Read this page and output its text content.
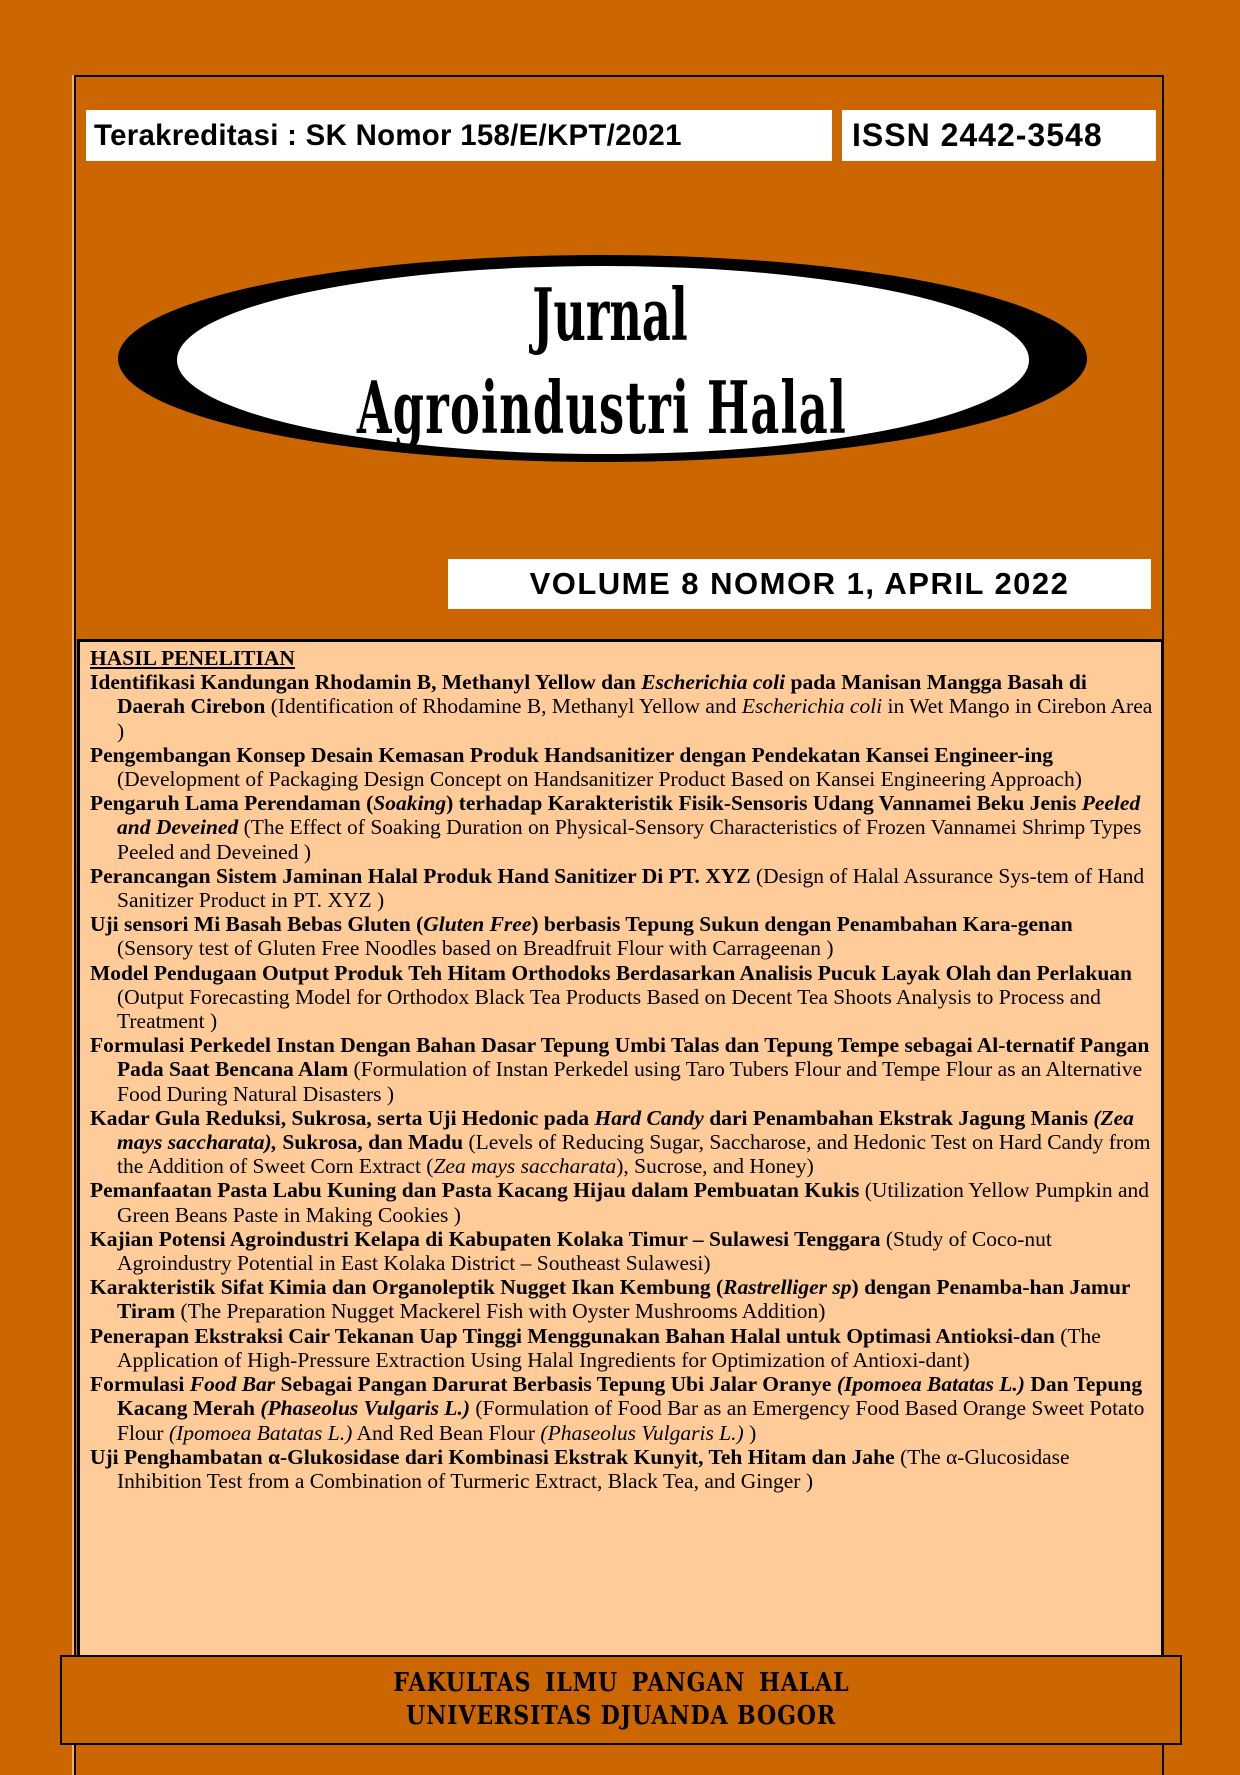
Terakreditasi : SK Nomor 158/E/KPT/2021	ISSN 2442-3548
Jurnal
Agroindustri Halal
VOLUME 8 NOMOR 1, APRIL 2022
HASIL PENELITIAN
Identifikasi Kandungan Rhodamin B, Methanyl Yellow dan Escherichia coli pada Manisan Mangga Basah di Daerah Cirebon (Identification of Rhodamine B, Methanyl Yellow and Escherichia coli in Wet Mango in Cirebon Area )
Pengembangan Konsep Desain Kemasan Produk Handsanitizer dengan Pendekatan Kansei Engineer-ing (Development of Packaging Design Concept on Handsanitizer Product Based on Kansei Engineering Approach)
Pengaruh Lama Perendaman (Soaking) terhadap Karakteristik Fisik-Sensoris Udang Vannamei Beku Jenis Peeled and Deveined (The Effect of Soaking Duration on Physical-Sensory Characteristics of Frozen Vannamei Shrimp Types Peeled and Deveined )
Perancangan Sistem Jaminan Halal Produk Hand Sanitizer Di PT. XYZ (Design of Halal Assurance Sys-tem of Hand Sanitizer Product in PT. XYZ )
Uji sensori Mi Basah Bebas Gluten (Gluten Free) berbasis Tepung Sukun dengan Penambahan Kara-genan (Sensory test of Gluten Free Noodles based on Breadfruit Flour with Carrageenan )
Model Pendugaan Output Produk Teh Hitam Orthodoks Berdasarkan Analisis Pucuk Layak Olah dan Perlakuan (Output Forecasting Model for Orthodox Black Tea Products Based on Decent Tea Shoots Analysis to Process and Treatment )
Formulasi Perkedel Instan Dengan Bahan Dasar Tepung Umbi Talas dan Tepung Tempe sebagai Al-ternatif Pangan Pada Saat Bencana Alam (Formulation of Instan Perkedel using Taro Tubers Flour and Tempe Flour as an Alternative Food During Natural Disasters )
Kadar Gula Reduksi, Sukrosa, serta Uji Hedonic pada Hard Candy dari Penambahan Ekstrak Jagung Manis (Zea mays saccharata), Sukrosa, dan Madu (Levels of Reducing Sugar, Saccharose, and Hedonic Test on Hard Candy from the Addition of Sweet Corn Extract (Zea mays saccharata), Sucrose, and Honey)
Pemanfaatan Pasta Labu Kuning dan Pasta Kacang Hijau dalam Pembuatan Kukis (Utilization Yellow Pumpkin and Green Beans Paste in Making Cookies )
Kajian Potensi Agroindustri Kelapa di Kabupaten Kolaka Timur – Sulawesi Tenggara (Study of Coco-nut Agroindustry Potential in East Kolaka District – Southeast Sulawesi)
Karakteristik Sifat Kimia dan Organoleptik Nugget Ikan Kembung (Rastrelliger sp) dengan Penamba-han Jamur Tiram (The Preparation Nugget Mackerel Fish with Oyster Mushrooms Addition)
Penerapan Ekstraksi Cair Tekanan Uap Tinggi Menggunakan Bahan Halal untuk Optimasi Antioksi-dan (The Application of High-Pressure Extraction Using Halal Ingredients for Optimization of Antioxi-dant)
Formulasi Food Bar Sebagai Pangan Darurat Berbasis Tepung Ubi Jalar Oranye (Ipomoea Batatas L.) Dan Tepung Kacang Merah (Phaseolus Vulgaris L.) (Formulation of Food Bar as an Emergency Food Based Orange Sweet Potato Flour (Ipomoea Batatas L.) And Red Bean Flour (Phaseolus Vulgaris L.) )
Uji Penghambatan α-Glukosidase dari Kombinasi Ekstrak Kunyit, Teh Hitam dan Jahe (The α-Glucosidase Inhibition Test from a Combination of Turmeric Extract, Black Tea, and Ginger )
FAKULTAS ILMU PANGAN HALAL
UNIVERSITAS DJUANDA BOGOR
